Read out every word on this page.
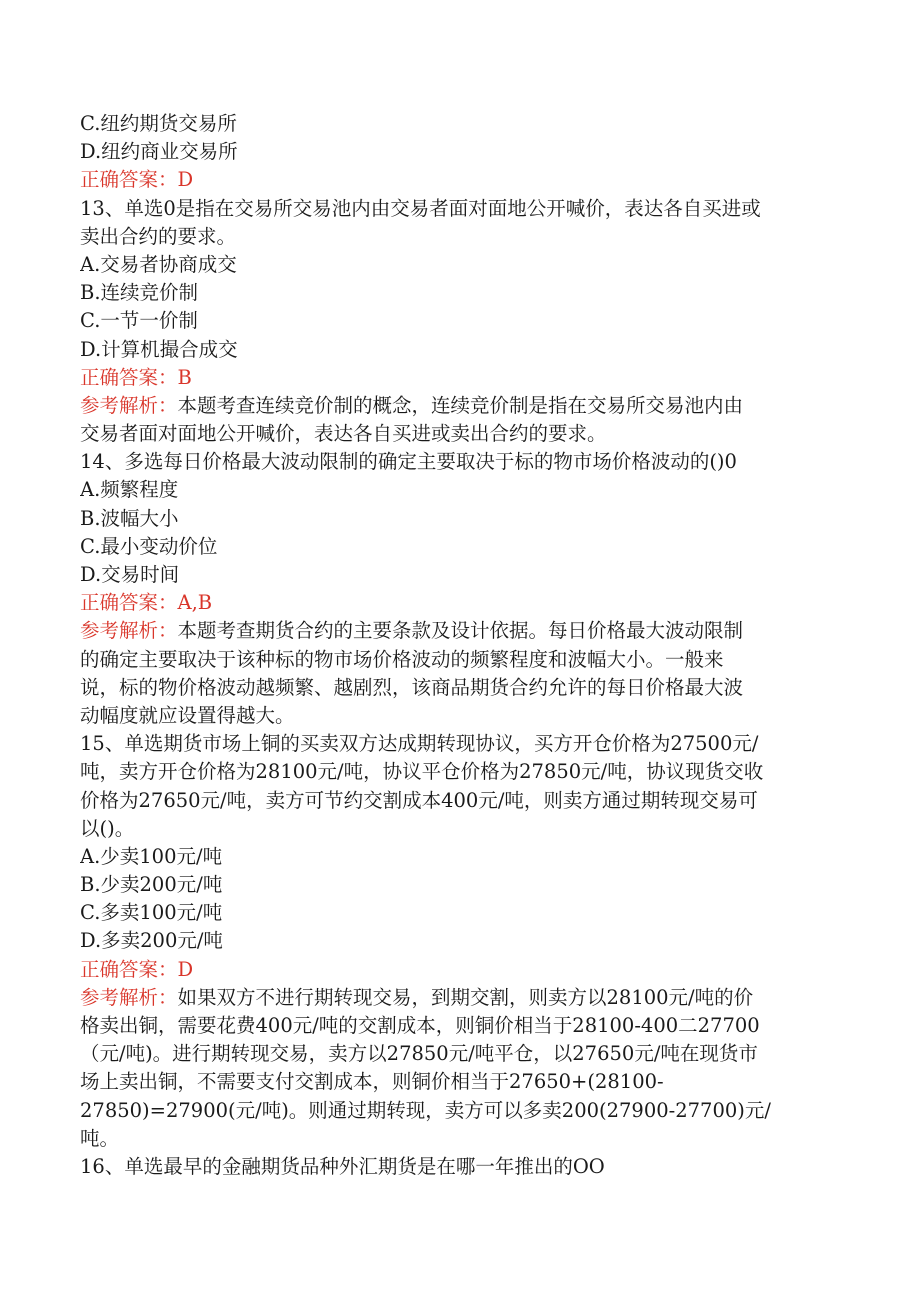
C.纽约期货交易所
D.纽约商业交易所
正确答案：D
13、单选0是指在交易所交易池内由交易者面对面地公开喊价，表达各自买进或
卖出合约的要求。
A.交易者协商成交
B.连续竞价制
C.一节一价制
D.计算机撮合成交
正确答案：B
参考解析：本题考查连续竞价制的概念，连续竞价制是指在交易所交易池内由
交易者面对面地公开喊价，表达各自买进或卖出合约的要求。
14、多选每日价格最大波动限制的确定主要取决于标的物市场价格波动的()0
A.频繁程度
B.波幅大小
C.最小变动价位
D.交易时间
正确答案：A,B
参考解析：本题考查期货合约的主要条款及设计依据。每日价格最大波动限制
的确定主要取决于该种标的物市场价格波动的频繁程度和波幅大小。一般来
说，标的物价格波动越频繁、越剧烈，该商品期货合约允许的每日价格最大波
动幅度就应设置得越大。
15、单选期货市场上铜的买卖双方达成期转现协议，买方开仓价格为27500元/
吨，卖方开仓价格为28100元/吨，协议平仓价格为27850元/吨，协议现货交收
价格为27650元/吨，卖方可节约交割成本400元/吨，则卖方通过期转现交易可
以()。
A.少卖100元/吨
B.少卖200元/吨
C.多卖100元/吨
D.多卖200元/吨
正确答案：D
参考解析：如果双方不进行期转现交易，到期交割，则卖方以28100元/吨的价
格卖出铜，需要花费400元/吨的交割成本，则铜价相当于28100-400二27700
（元/吨)。进行期转现交易，卖方以27850元/吨平仓，以27650元/吨在现货市
场上卖出铜，不需要支付交割成本，则铜价相当于27650+(28100-
27850)=27900(元/吨)。则通过期转现，卖方可以多卖200(27900-27700)元/
吨。
16、单选最早的金融期货品种外汇期货是在哪一年推出的OO
